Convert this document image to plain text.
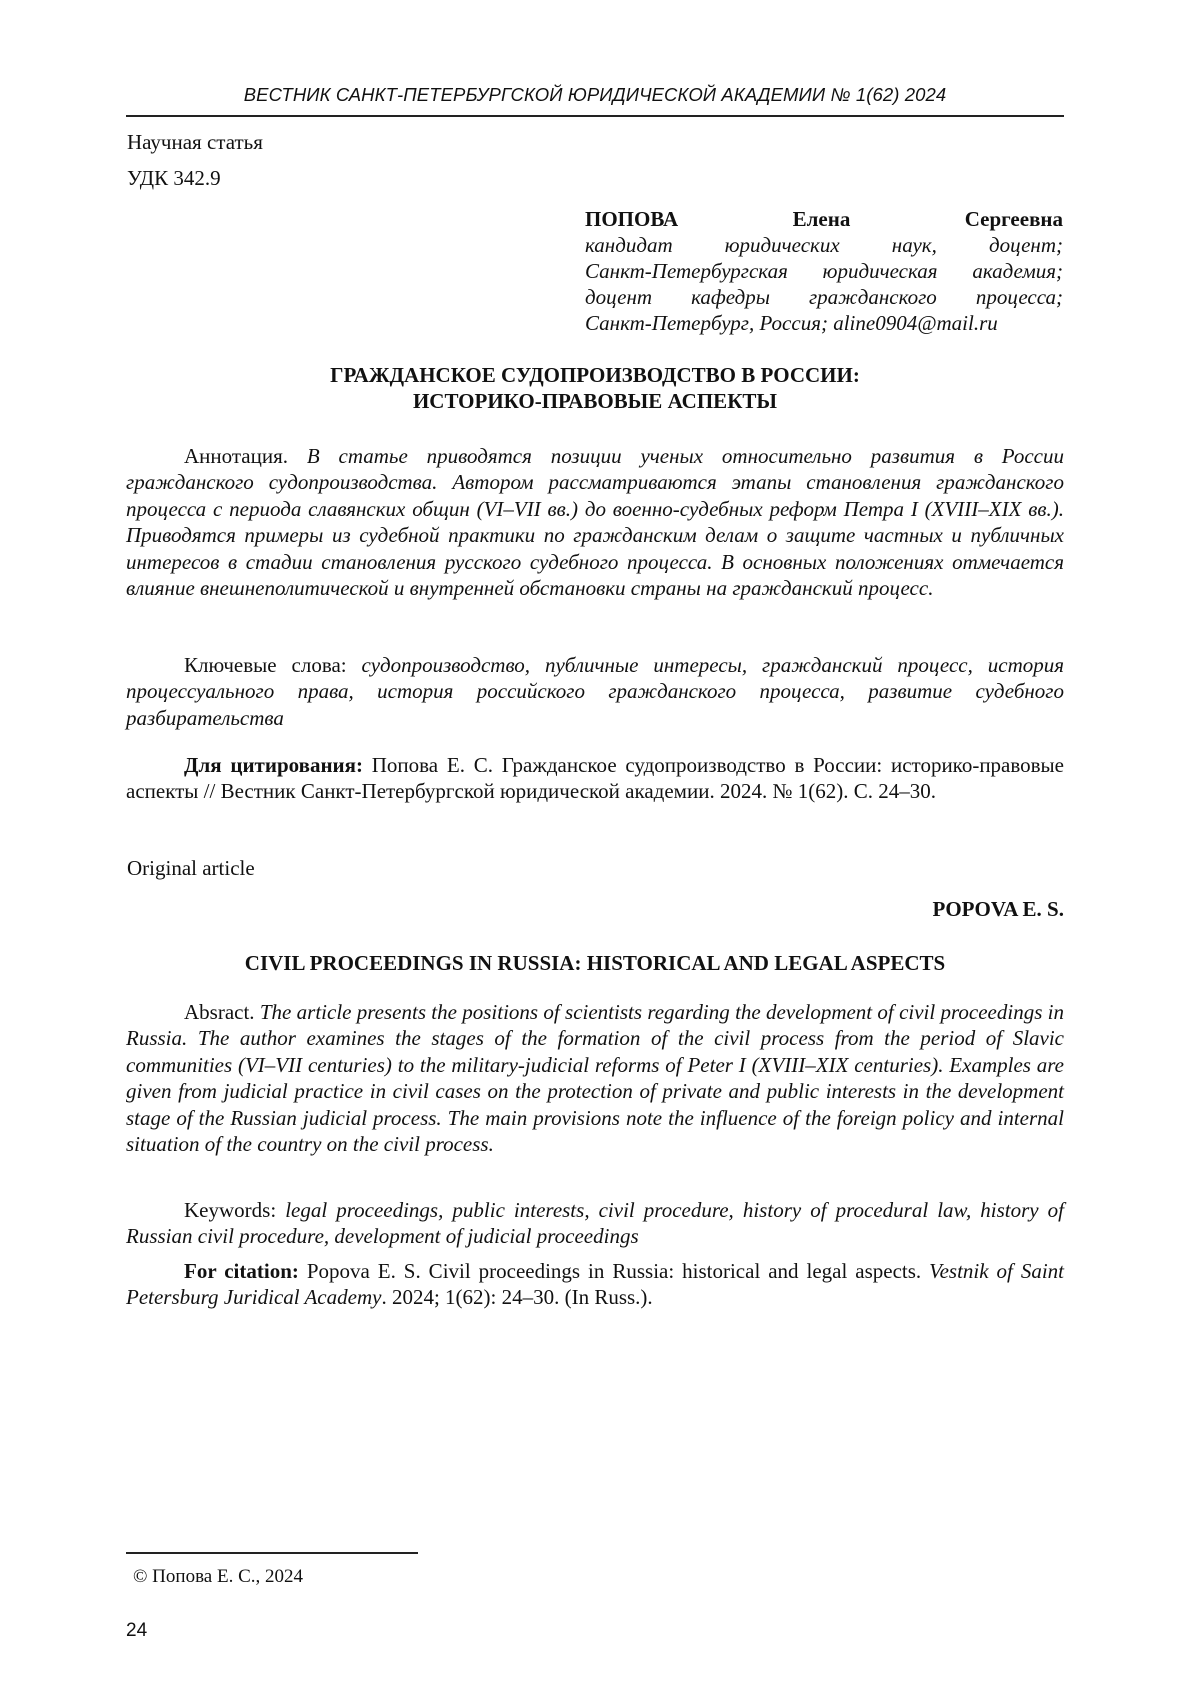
ВЕСТНИК САНКТ-ПЕТЕРБУРГСКОЙ ЮРИДИЧЕСКОЙ АКАДЕМИИ № 1(62) 2024
Научная статья
УДК 342.9
ПОПОВА	Елена	Сергеевна
кандидат юридических наук, доцент;
Санкт-Петербургская юридическая академия;
доцент кафедры гражданского процесса;
Санкт-Петербург, Россия; aline0904@mail.ru
ГРАЖДАНСКОЕ СУДОПРОИЗВОДСТВО В РОССИИ:
ИСТОРИКО-ПРАВОВЫЕ АСПЕКТЫ

Аннотация. В статье приводятся позиции ученых относительно развития в России гражданского судопроизводства. Автором рассматриваются этапы становления гражданского процесса с периода славянских общин (VI–VII вв.) до военно-судебных реформ Петра I (XVIII–XIX вв.). Приводятся примеры из судебной практики по гражданским делам о защите частных и публичных интересов в стадии становления русского судебного процесса. В основных положениях отмечается влияние внешнеполитической и внутренней обстановки страны на гражданский процесс.

Ключевые слова: судопроизводство, публичные интересы, гражданский процесс, история процессуального права, история российского гражданского процесса, развитие судебного разбирательства

Для цитирования: Попова Е. С. Гражданское судопроизводство в России: историко-правовые аспекты // Вестник Санкт-Петербургской юридической академии. 2024. № 1(62). С. 24–30.

Original article
POPOVA E. S.
CIVIL PROCEEDINGS IN RUSSIA: HISTORICAL AND LEGAL ASPECTS

Absract. The article presents the positions of scientists regarding the development of civil proceedings in Russia. The author examines the stages of the formation of the civil process from the period of Slavic communities (VI–VII centuries) to the military-judicial reforms of Peter I (XVIII–XIX centuries). Examples are given from judicial practice in civil cases on the protection of private and public interests in the development stage of the Russian judicial process. The main provisions note the influence of the foreign policy and internal situation of the country on the civil process.

Keywords: legal proceedings, public interests, civil procedure, history of procedural law, history of Russian civil procedure, development of judicial proceedings

For citation: Popova E. S. Civil proceedings in Russia: historical and legal aspects. Vestnik of Saint Petersburg Juridical Academy. 2024; 1(62): 24–30. (In Russ.).

© Попова Е. С., 2024
24
